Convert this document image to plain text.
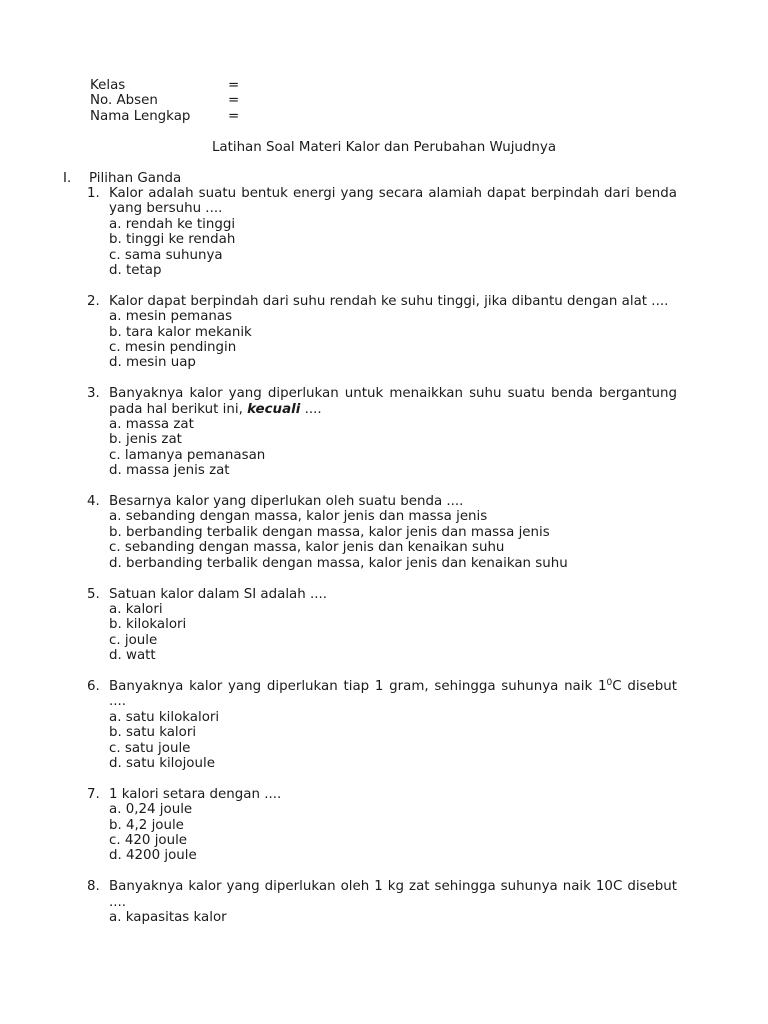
Kelas	=
No. Absen	=
Nama Lengkap	=
Latihan Soal Materi Kalor dan Perubahan Wujudnya
I.	Pilihan Ganda
1. Kalor adalah suatu bentuk energi yang secara alamiah dapat berpindah dari benda yang bersuhu ....
a. rendah ke tinggi
b. tinggi ke rendah
c. sama suhunya
d. tetap
2. Kalor dapat berpindah dari suhu rendah ke suhu tinggi, jika dibantu dengan alat ....
a. mesin pemanas
b. tara kalor mekanik
c. mesin pendingin
d. mesin uap
3. Banyaknya kalor yang diperlukan untuk menaikkan suhu suatu benda bergantung pada hal berikut ini, kecuali ....
a. massa zat
b. jenis zat
c. lamanya pemanasan
d. massa jenis zat
4. Besarnya kalor yang diperlukan oleh suatu benda ....
a. sebanding dengan massa, kalor jenis dan massa jenis
b. berbanding terbalik dengan massa, kalor jenis dan massa jenis
c. sebanding dengan massa, kalor jenis dan kenaikan suhu
d. berbanding terbalik dengan massa, kalor jenis dan kenaikan suhu
5. Satuan kalor dalam SI adalah ....
a. kalori
b. kilokalori
c. joule
d. watt
6. Banyaknya kalor yang diperlukan tiap 1 gram, sehingga suhunya naik $1^0C$ disebut ....
a. satu kilokalori
b. satu kalori
c. satu joule
d. satu kilojoule
7. 1 kalori setara dengan ....
a. 0,24 joule
b. 4,2 joule
c. 420 joule
d. 4200 joule
8. Banyaknya kalor yang diperlukan oleh 1 kg zat sehingga suhunya naik 10C disebut ....
a. kapasitas kalor
